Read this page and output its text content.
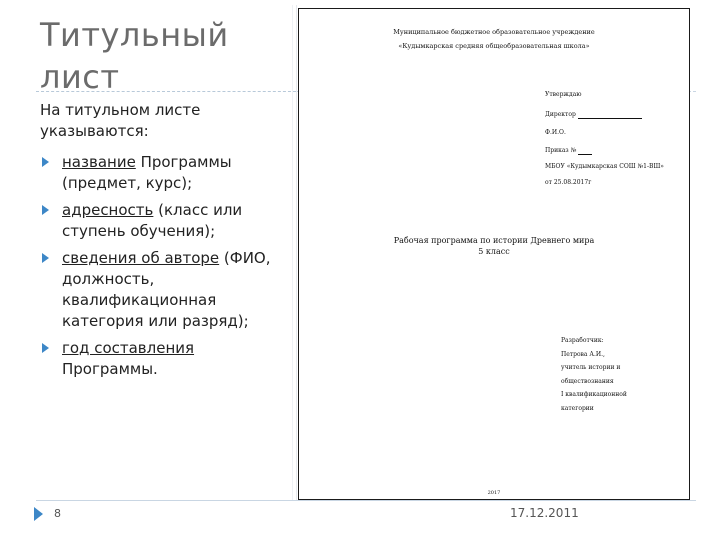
Титульный
лист
На титульном листе указываются:
название Программы (предмет, курс);
адресность (класс или ступень обучения);
сведения об авторе (ФИО, должность, квалификационная категория или разряд);
год составления Программы.
Муниципальное бюджетное образовательное учреждение
«Кудымкарская средняя общеобразовательная школа»
Утверждаю
Директор
Ф.И.О.
Приказ №
МБОУ «Кудымкарская СОШ №1-ВШ»
от 25.08.2017г
Рабочая программа по истории Древнего мира
5 класс
Разработчик:
Петрова А.И.,
учитель истории и
обществознания
I квалификационной
категории
2017
8	17.12.2011
